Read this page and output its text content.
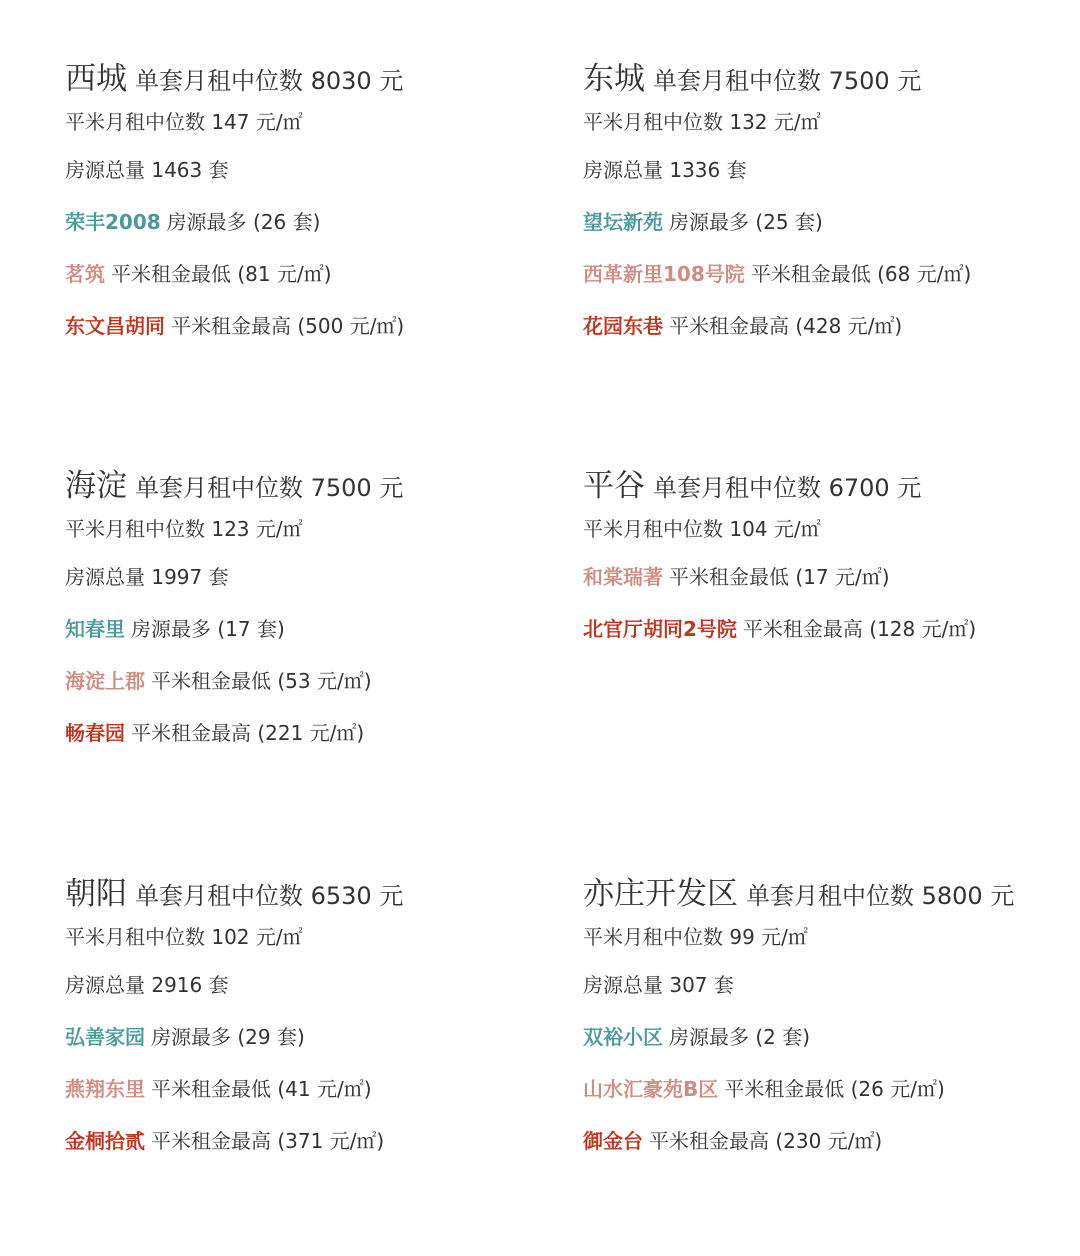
西城 单套月租中位数 8030 元
平米月租中位数 147 元/㎡
房源总量 1463 套
荣丰2008 房源最多 (26 套)
茗筑 平米租金最低 (81 元/㎡)
东文昌胡同 平米租金最高 (500 元/㎡)
东城 单套月租中位数 7500 元
平米月租中位数 132 元/㎡
房源总量 1336 套
望坛新苑 房源最多 (25 套)
西革新里108号院 平米租金最低 (68 元/㎡)
花园东巷 平米租金最高 (428 元/㎡)
海淀 单套月租中位数 7500 元
平米月租中位数 123 元/㎡
房源总量 1997 套
知春里 房源最多 (17 套)
海淀上郡 平米租金最低 (53 元/㎡)
畅春园 平米租金最高 (221 元/㎡)
平谷 单套月租中位数 6700 元
平米月租中位数 104 元/㎡
和棠瑞著 平米租金最低 (17 元/㎡)
北官厅胡同2号院 平米租金最高 (128 元/㎡)
朝阳 单套月租中位数 6530 元
平米月租中位数 102 元/㎡
房源总量 2916 套
弘善家园 房源最多 (29 套)
燕翔东里 平米租金最低 (41 元/㎡)
金桐拾贰 平米租金最高 (371 元/㎡)
亦庄开发区 单套月租中位数 5800 元
平米月租中位数 99 元/㎡
房源总量 307 套
双裕小区 房源最多 (2 套)
山水汇豪苑B区 平米租金最低 (26 元/㎡)
御金台 平米租金最高 (230 元/㎡)
